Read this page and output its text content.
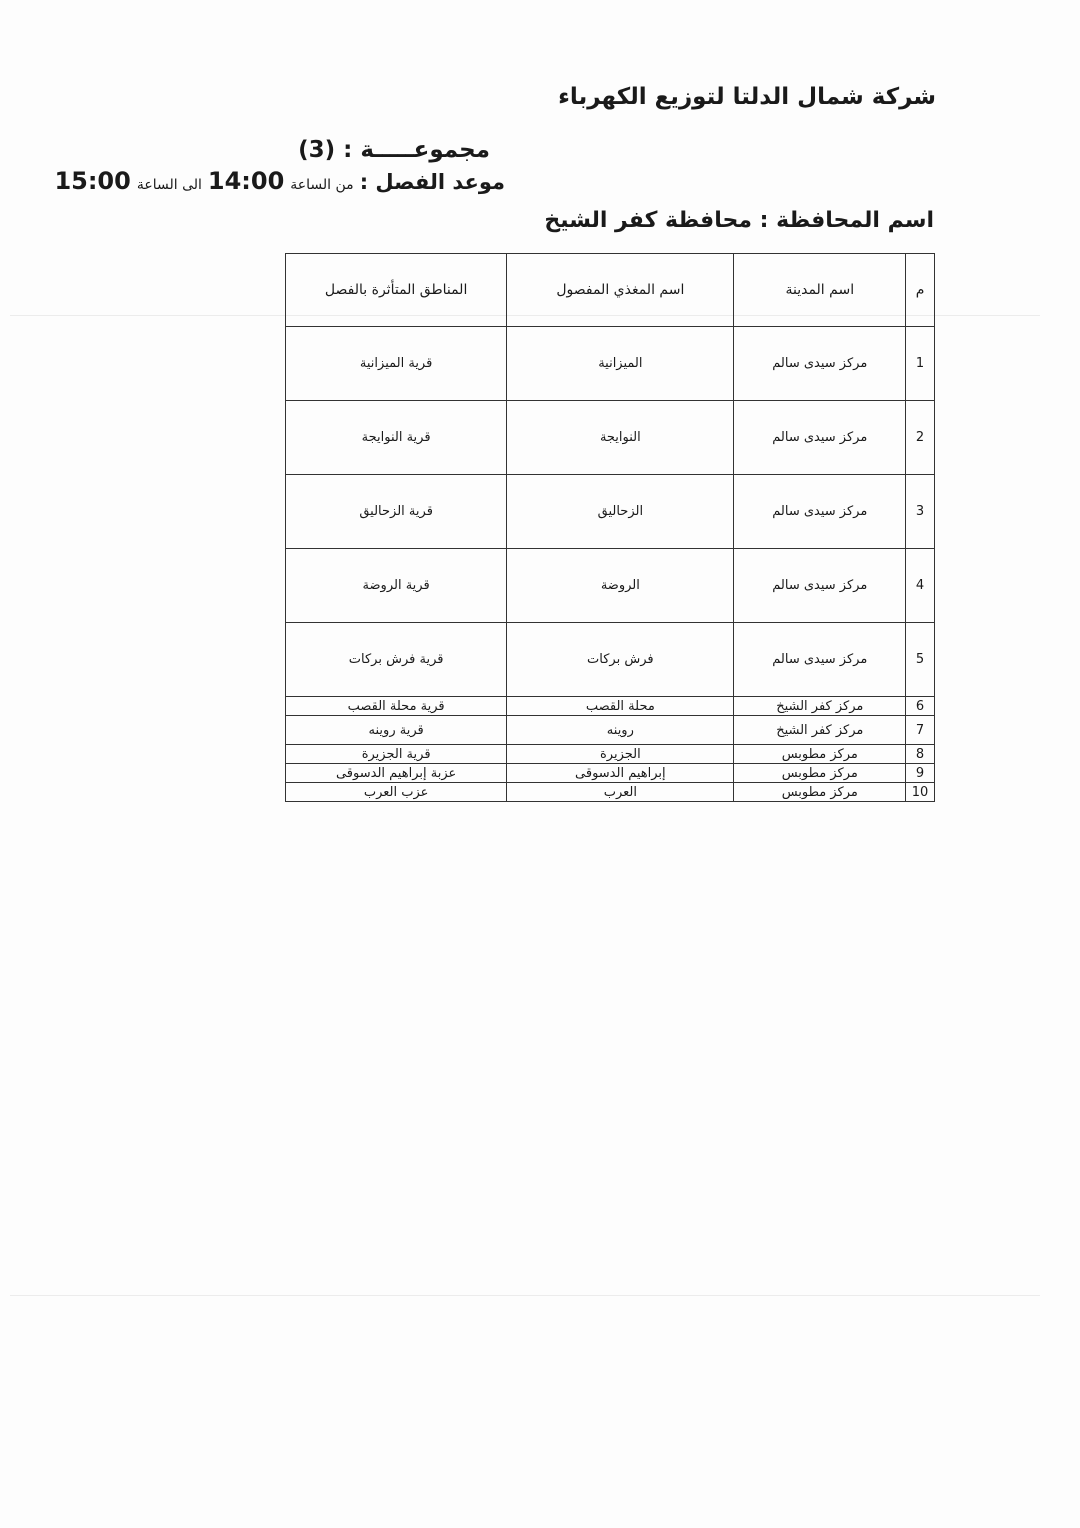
شركة شمال الدلتا لتوزيع الكهرباء
مجموعـــــة : (3)
موعد الفصل :
من الساعة
14:00
الى الساعة
15:00
اسم المحافظة : محافظة كفر الشيخ
م	اسم المدينة	اسم المغذي المفصول	المناطق المتأثرة بالفصل
1	مركز سيدى سالم	الميزانية	قرية الميزانية
2	مركز سيدى سالم	النوايجة	قرية النوايجة
3	مركز سيدى سالم	الزحاليق	قرية الزحاليق
4	مركز سيدى سالم	الروضة	قرية الروضة
5	مركز سيدى سالم	فرش بركات	قرية فرش بركات
6	مركز كفر الشيخ	محلة القصب	قرية محلة القصب
7	مركز كفر الشيخ	روينه	قرية روينه
8	مركز مطوبس	الجزيرة	قرية الجزيرة
9	مركز مطوبس	إبراهيم الدسوقى	عزبة إبراهيم الدسوقى
10	مركز مطوبس	العرب	عزب العرب
